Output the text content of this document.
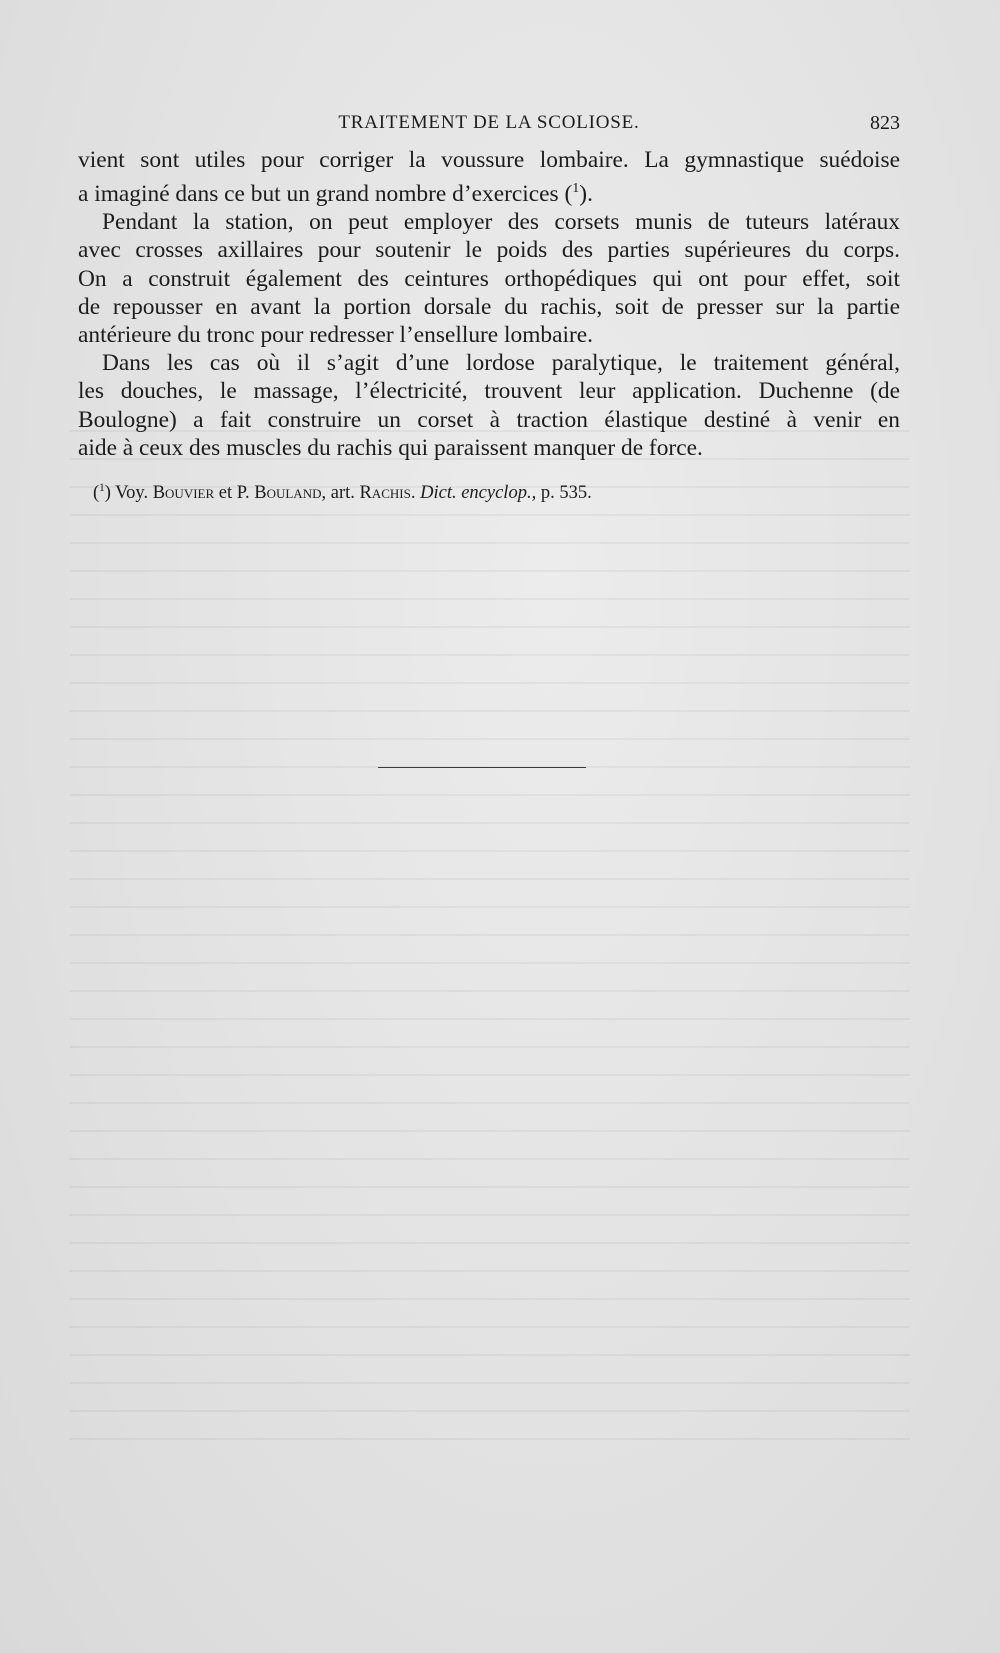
TRAITEMENT DE LA SCOLIOSE.	823
vient sont utiles pour corriger la voussure lombaire. La gymnastique suédoise
a imaginé dans ce but un grand nombre d’exercices ($^1$).
Pendant la station, on peut employer des corsets munis de tuteurs latéraux
avec crosses axillaires pour soutenir le poids des parties supérieures du corps.
On a construit également des ceintures orthopédiques qui ont pour effet, soit
de repousser en avant la portion dorsale du rachis, soit de presser sur la partie
antérieure du tronc pour redresser l’ensellure lombaire.
Dans les cas où il s’agit d’une lordose paralytique, le traitement général,
les douches, le massage, l’électricité, trouvent leur application. Duchenne (de
Boulogne) a fait construire un corset à traction élastique destiné à venir en
aide à ceux des muscles du rachis qui paraissent manquer de force.
($^1$) Voy. Bouvier et P. Bouland, art. Rachis. Dict. encyclop., p. 535.
